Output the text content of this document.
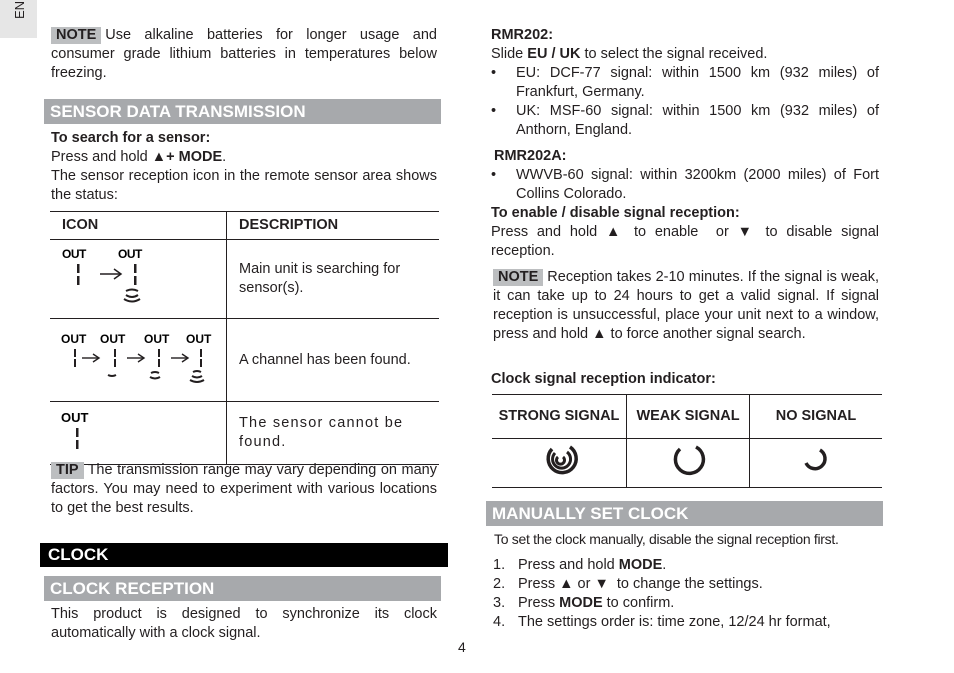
EN
NOTE Use alkaline batteries for longer usage and consumer grade lithium batteries in temperatures below freezing.
SENSOR DATA TRANSMISSION

To search for a sensor:

Press and hold ▲+ MODE.

The sensor reception icon in the remote sensor area shows the status:

ICON	DESCRIPTION

OUT OUT	Main unit is searching for sensor(s).

OUT OUT OUT OUT	A channel has been found.

OUT	The sensor cannot be found.
TIP The transmission range may vary depending on many factors. You may need to experiment with various locations to get the best results.
CLOCK
CLOCK RECEPTION
This product is designed to synchronize its clock automatically with a clock signal.

RMR202:

Slide EU / UK to select the signal received.

• EU: DCF-77 signal: within 1500 km (932 miles) of Frankfurt, Germany.
• UK: MSF-60 signal: within 1500 km (932 miles) of Anthorn, England.

RMR202A:

• WWVB-60 signal: within 3200km (2000 miles) of Fort Collins Colorado.

To enable / disable signal reception:

Press and hold ▲ to enable  or ▼ to disable signal reception.

NOTE Reception takes 2-10 minutes. If the signal is weak, it can take up to 24 hours to get a valid signal. If signal reception is unsuccessful, place your unit next to a window, press and hold ▲ to force another signal search.
Clock signal reception indicator:
STRONG SIGNAL	WEAK SIGNAL	NO SIGNAL

MANUALLY SET CLOCK
To set the clock manually, disable the signal reception first.
1. Press and hold MODE.
2. Press ▲ or ▼  to change the settings.
3. Press MODE to confirm.
4. The settings order is: time zone, 12/24 hr format,
4
